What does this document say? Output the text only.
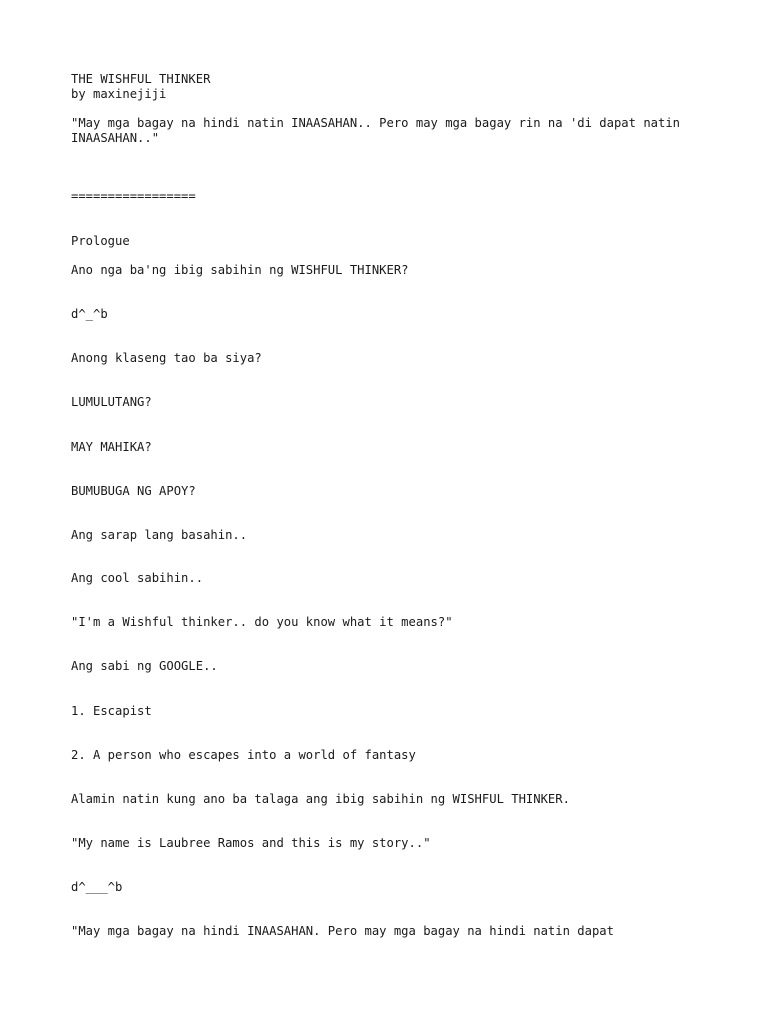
THE WISHFUL THINKER

by maxinejiji

"May mga bagay na hindi natin INAASAHAN.. Pero may mga bagay rin na 'di dapat natin

INAASAHAN.."

=================

Prologue

Ano nga ba'ng ibig sabihin ng WISHFUL THINKER?

d^_^b

Anong klaseng tao ba siya?

LUMULUTANG?

MAY MAHIKA?

BUMUBUGA NG APOY?

Ang sarap lang basahin..

Ang cool sabihin..

"I'm a Wishful thinker.. do you know what it means?"

Ang sabi ng GOOGLE..

1. Escapist

2. A person who escapes into a world of fantasy

Alamin natin kung ano ba talaga ang ibig sabihin ng WISHFUL THINKER.

"My name is Laubree Ramos and this is my story.."

d^___^b

"May mga bagay na hindi INAASAHAN. Pero may mga bagay na hindi natin dapat
